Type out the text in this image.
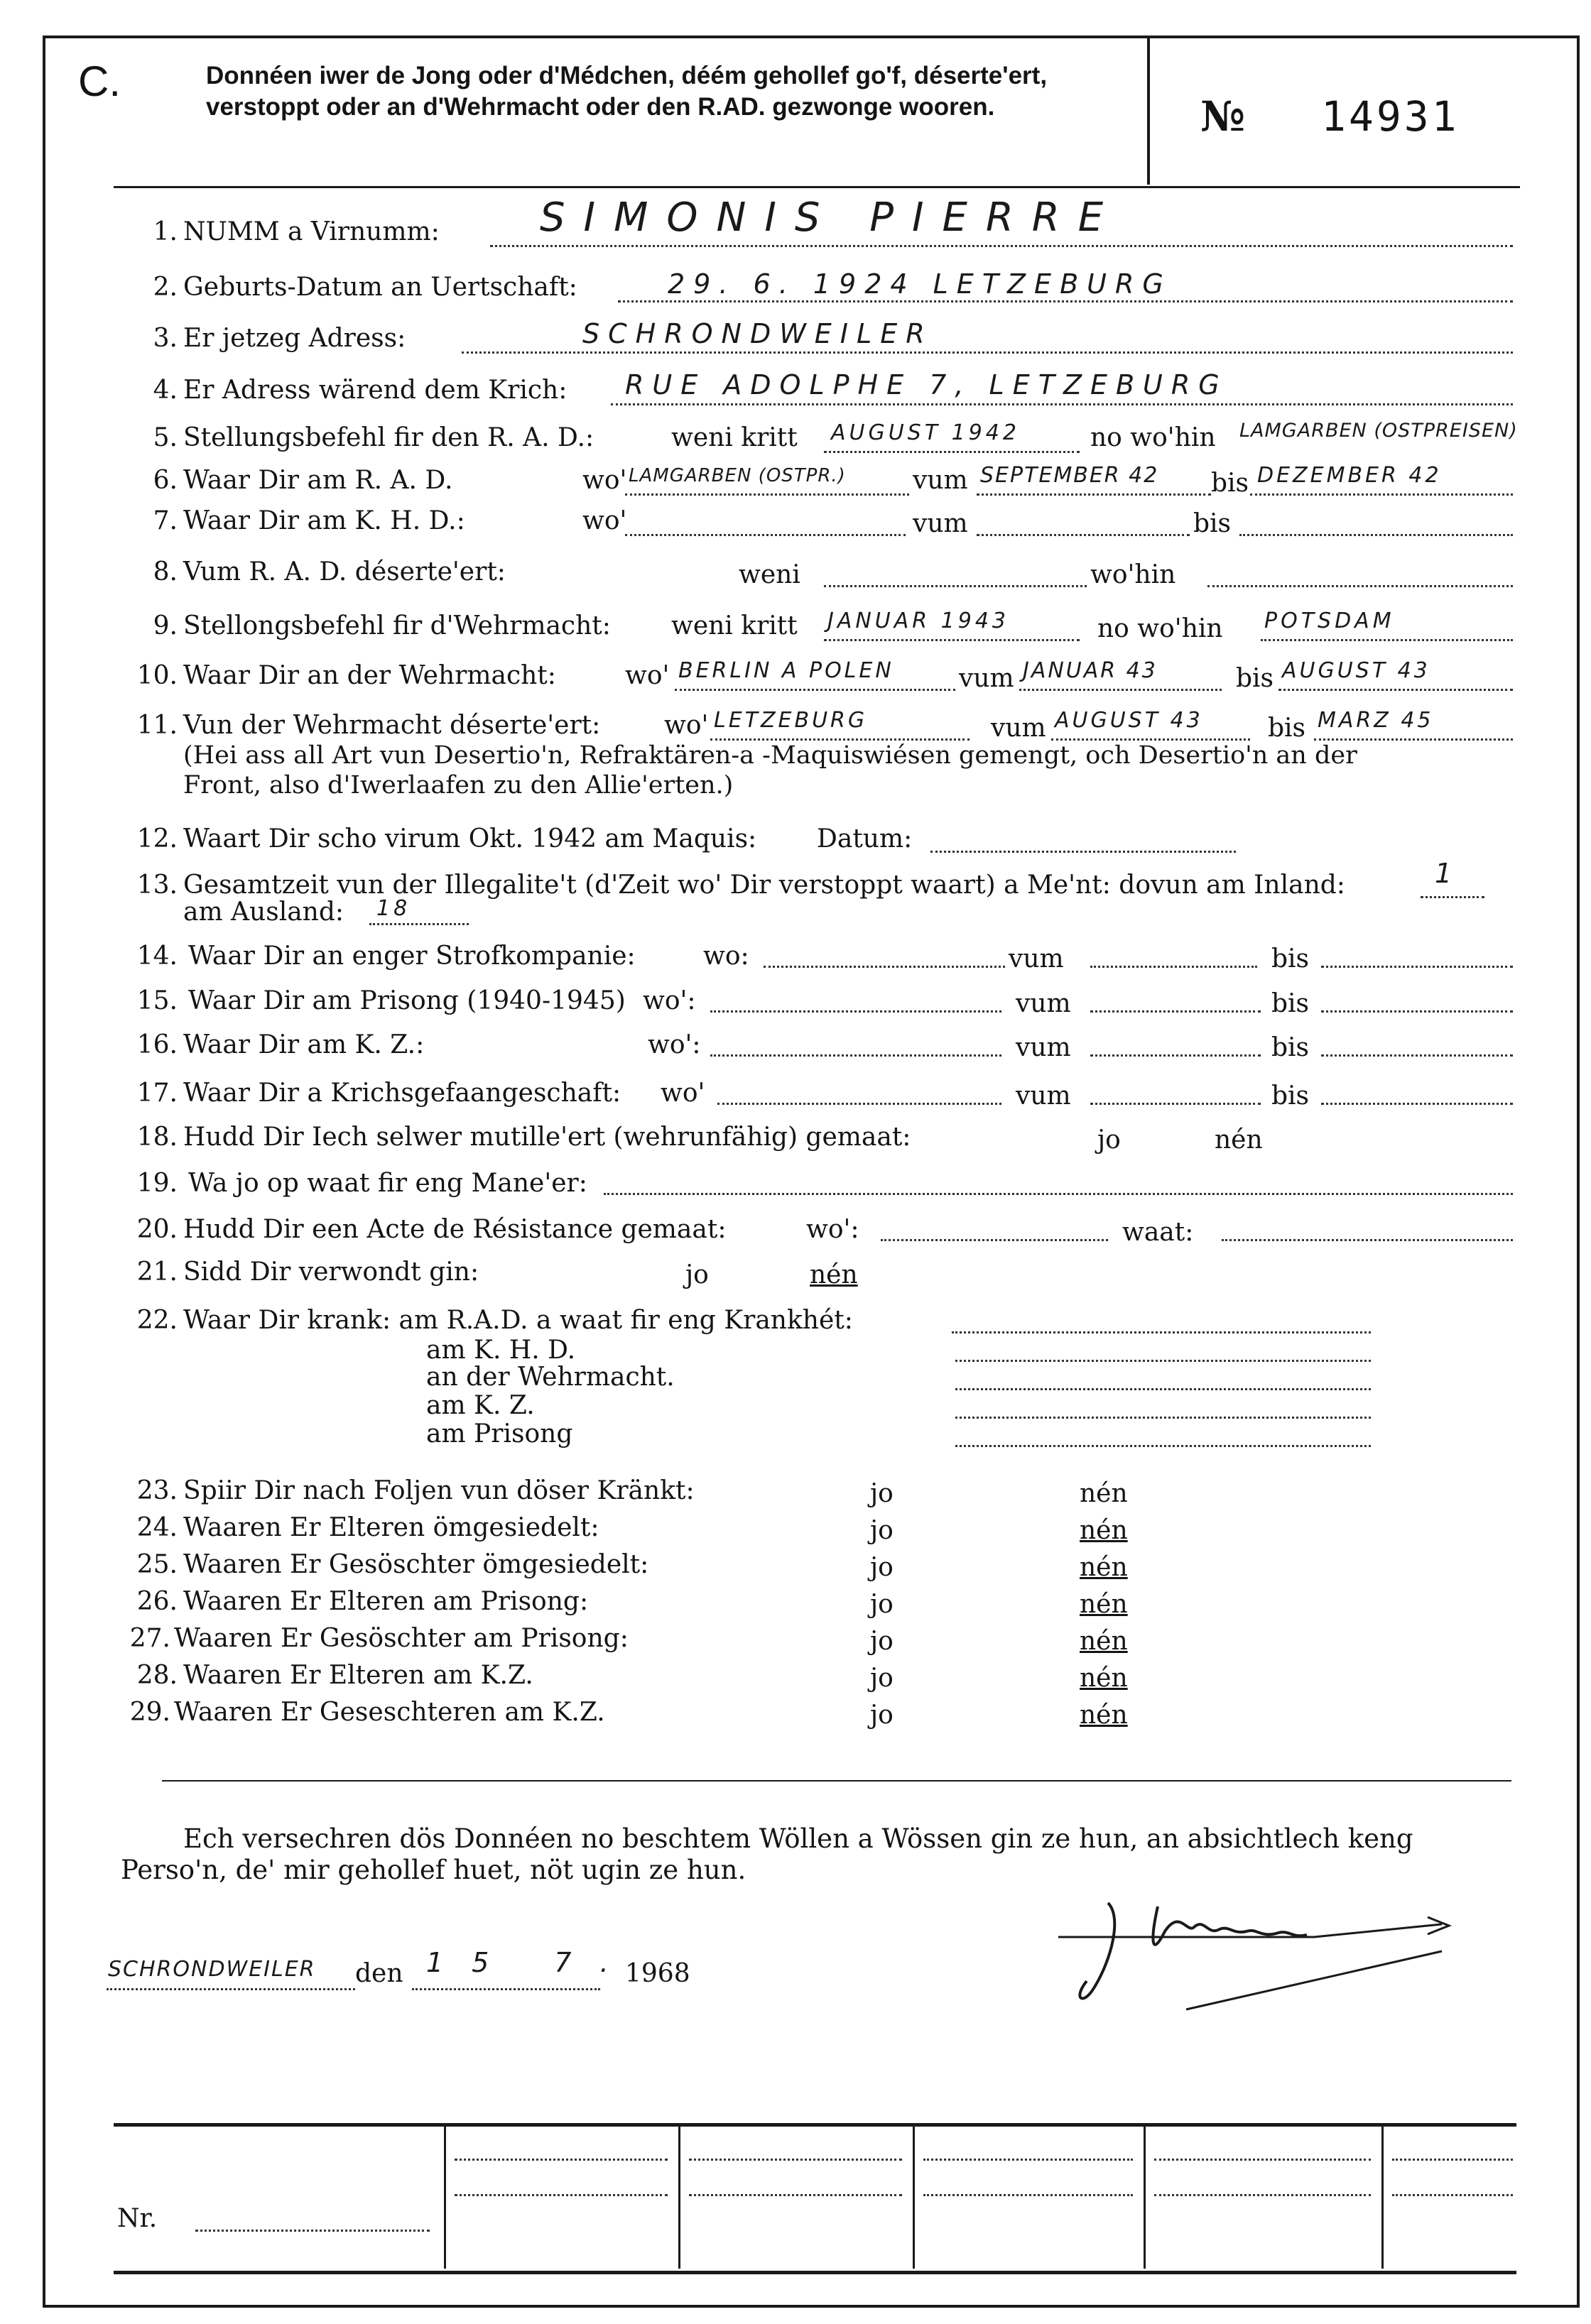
C.	Donnéen iwer de Jong oder d'Médchen, déém gehollef go'f, déserte'ert, verstoppt oder an d'Wehrmacht oder den R.AD. gezwonge wooren.	№ 14931
1. NUMM a Virnumm:	SIMONIS PIERRE
2. Geburts-Datum an Uertschaft:	29. 6. 1924 LETZEBURG
3. Er jetzeg Adress:	SCHRONDWEILER
4. Er Adress wärend dem Krich: RUE ADOLPHE 7, LETZEBURG
5. Stellungsbefehl fir den R. A. D.:	weni kritt AUGUST 1942	no wo'hin LAMGARBEN (OSTPREISEN)
6. Waar Dir am R. A. D.	wo' LAMGARBEN (OSTPR.)	vum SEPTEMBER 42 bis DEZEMBER 42
7. Waar Dir am K. H. D.:	wo'	vum	bis
8. Vum R. A. D. déserte'ert:	weni	wo'hin
9. Stellongsbefehl fir d'Wehrmacht: weni kritt JANUAR 1943	no wo'hin POTSDAM
10. Waar Dir an der Wehrmacht:	wo' BERLIN A POLEN	vum JANUAR 43	bis AUGUST 43
11. Vun der Wehrmacht déserte'ert: wo' LETZEBURG	vum AUGUST 43	bis MARZ 45
(Hei ass all Art vun Desertio'n, Refraktären-a -Maquiswiésen gemengt, och Desertio'n an der
Front, also d'Iwerlaafen zu den Allie'erten.)
12. Waart Dir scho virum Okt. 1942 am Maquis: Datum:
13. Gesamtzeit vun der Illegalite't (d'Zeit wo' Dir verstoppt waart) a Me'nt: dovun am Inland:	1
am Ausland: 18
14. Waar Dir an enger Strofkompanie:	wo:	vum	bis
15. Waar Dir am Prisong (1940-1945) wo':	vum	bis
16. Waar Dir am K. Z.:	wo':	vum	bis
17. Waar Dir a Krichsgefaangeschaft: wo'	vum	bis
18. Hudd Dir Iech selwer mutille'ert (wehrunfähig) gemaat:	jo	nén
19. Wa jo op waat fir eng Mane'er:
20. Hudd Dir een Acte de Résistance gemaat:	wo':	waat:
21. Sidd Dir verwondt gin:	jo	nén
22. Waar Dir krank: am R.A.D. a waat fir eng Krankhét:
am K. H. D.
an der Wehrmacht.
am K. Z.
am Prisong
23. Spiir Dir nach Foljen vun döser Kränkt:	jo	nén
24. Waaren Er Elteren ömgesiedelt:	jo	nén
25. Waaren Er Gesöschter ömgesiedelt:	jo	nén
26. Waaren Er Elteren am Prisong:	jo	nén
27. Waaren Er Gesöschter am Prisong:	jo	nén
28. Waaren Er Elteren am K.Z.	jo	nén
29. Waaren Er Geseschteren am K.Z.	jo	nén
Ech versechren dös Donnéen no beschtem Wöllen a Wössen gin ze hun, an absichtlech keng
Perso'n, de' mir gehollef huet, nöt ugin ze hun.
SCHRONDWEILER den 15 7.
1968
Nr.
